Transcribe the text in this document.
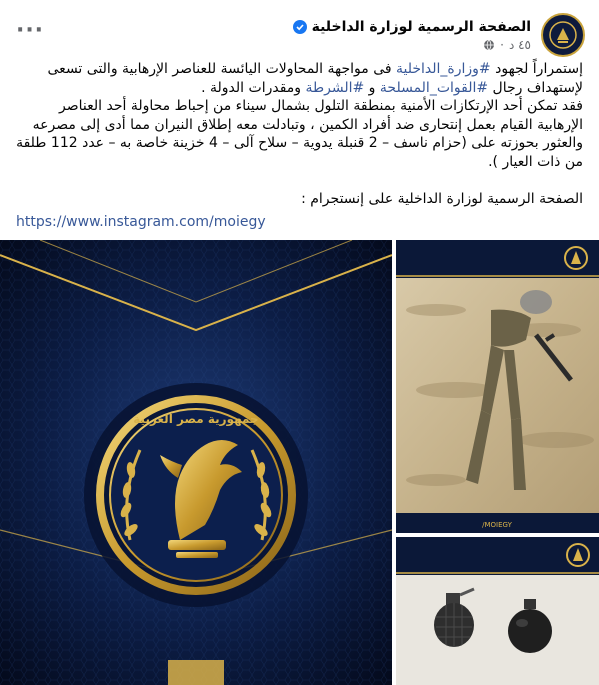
الصفحة الرسمية لوزارة الداخلية
٤٥ د
·
···

إستمراراً لجهود #وزارة_الداخلية فى مواجهة المحاولات اليائسة للعناصر الإرهابية والتى تسعى لإستهداف رجال #القوات_المسلحة و #الشرطة ومقدرات الدولة .

فقد تمكن أحد الإرتكازات الأمنية بمنطقة التلول بشمال سيناء من إحباط محاولة أحد العناصر الإرهابية القيام بعمل إنتحارى ضد أفراد الكمين ، وتبادلت معه إطلاق النيران مما أدى إلى مصرعه والعثور بحوزته على (حزام ناسف – 2 قنبلة يدوية – سلاح آلى – 4 خزينة خاصة به – عدد 112 طلقة من ذات العيار ).

الصفحة الرسمية لوزارة الداخلية على إنستجرام :

https://www.instagram.com/moiegy
جمهورية مصر العربية
/MOIEGY
